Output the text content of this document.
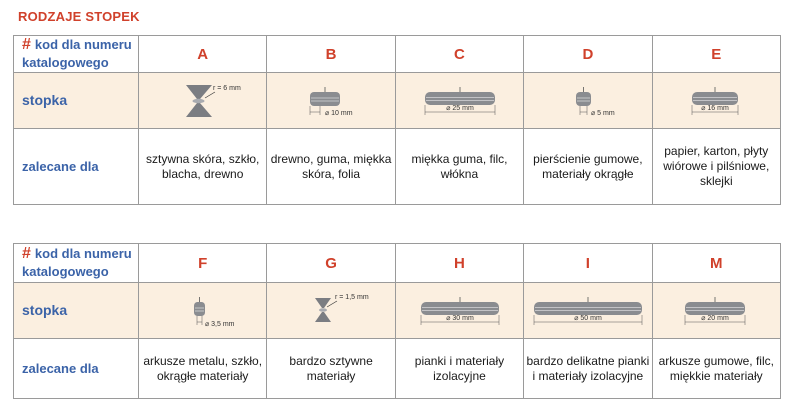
RODZAJE STOPEK
# kod dla numeru katalogowego	A	B	C	D	E
stopka	r = 6 mm	⌀ 10 mm	⌀ 25 mm	⌀ 5 mm	⌀ 16 mm

zalecane dla	sztywna skóra, szkło, blacha, drewno	drewno, guma, miękka skóra, folia	miękka guma, filc, włókna	pierścienie gumowe, materiały okrągłe	papier, karton, płyty wiórowe i pilśniowe, sklejki
# kod dla numeru katalogowego	F	G	H	I	M
stopka	⌀ 3,5 mm	r = 1,5 mm	⌀ 30 mm	⌀ 50 mm	⌀ 20 mm

zalecane dla	arkusze metalu, szkło, okrągłe materiały	bardzo sztywne materiały	pianki i materiały izolacyjne	bardzo delikatne pianki i materiały izolacyjne	arkusze gumowe, filc, miękkie materiały
